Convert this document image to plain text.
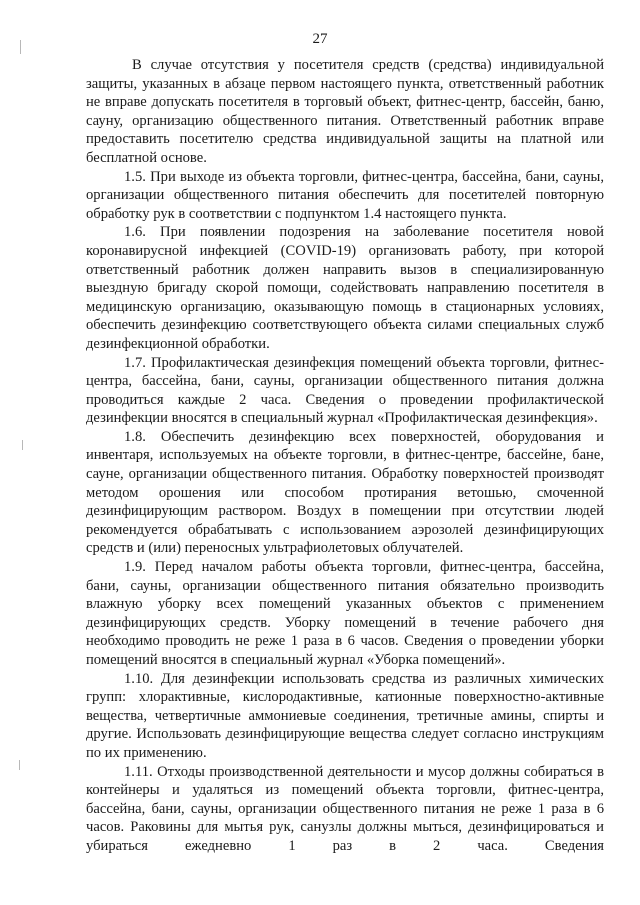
27

В случае отсутствия у посетителя средств (средства) индивидуальной защиты, указанных в абзаце первом настоящего пункта, ответственный работник не вправе допускать посетителя в торговый объект, фитнес-центр, бассейн, баню, сауну, организацию общественного питания. Ответственный работник вправе предоставить посетителю средства индивидуальной защиты на платной или бесплатной основе.

1.5. При выходе из объекта торговли, фитнес-центра, бассейна, бани, сауны, организации общественного питания обеспечить для посетителей повторную обработку рук в соответствии с подпунктом 1.4 настоящего пункта.

1.6. При появлении подозрения на заболевание посетителя новой коронавирусной инфекцией (COVID-19) организовать работу, при которой ответственный работник должен направить вызов в специализированную выездную бригаду скорой помощи, содействовать направлению посетителя в медицинскую организацию, оказывающую помощь в стационарных условиях, обеспечить дезинфекцию соответствующего объекта силами специальных служб дезинфекционной обработки.

1.7. Профилактическая дезинфекция помещений объекта торговли, фитнес-центра, бассейна, бани, сауны, организации общественного питания должна проводиться каждые 2 часа. Сведения о проведении профилактической дезинфекции вносятся в специальный журнал «Профилактическая дезинфекция».

1.8. Обеспечить дезинфекцию всех поверхностей, оборудования и инвентаря, используемых на объекте торговли, в фитнес-центре, бассейне, бане, сауне, организации общественного питания. Обработку поверхностей производят методом орошения или способом протирания ветошью, смоченной дезинфицирующим раствором. Воздух в помещении при отсутствии людей рекомендуется обрабатывать с использованием аэрозолей дезинфицирующих средств и (или) переносных ультрафиолетовых облучателей.

1.9. Перед началом работы объекта торговли, фитнес-центра, бассейна, бани, сауны, организации общественного питания обязательно производить влажную уборку всех помещений указанных объектов с применением дезинфицирующих средств. Уборку помещений в течение рабочего дня необходимо проводить не реже 1 раза в 6 часов. Сведения о проведении уборки помещений вносятся в специальный журнал «Уборка помещений».

1.10. Для дезинфекции использовать средства из различных химических групп: хлорактивные, кислородактивные, катионные поверхностно-активные вещества, четвертичные аммониевые соединения, третичные амины, спирты и другие. Использовать дезинфицирующие вещества следует согласно инструкциям по их применению.

1.11. Отходы производственной деятельности и мусор должны собираться в контейнеры и удаляться из помещений объекта торговли, фитнес-центра, бассейна, бани, сауны, организации общественного питания не реже 1 раза в 6 часов. Раковины для мытья рук, санузлы должны мыться, дезинфицироваться и убираться ежедневно 1 раз в 2 часа. Сведения
